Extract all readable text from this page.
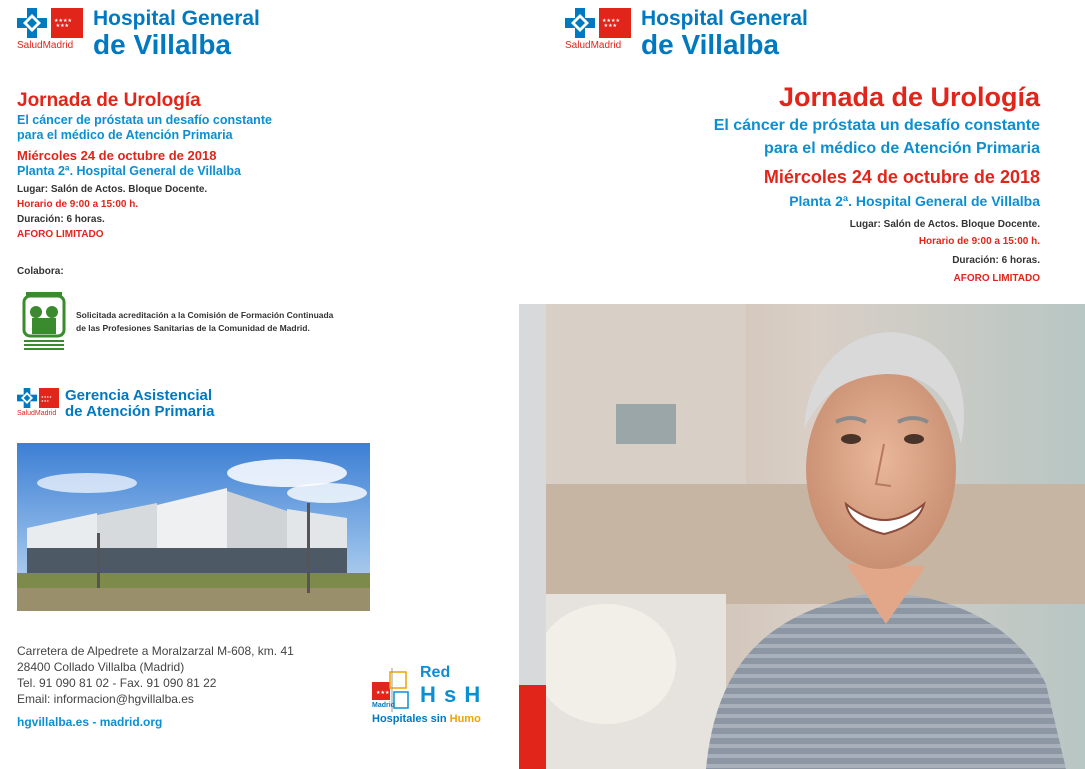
★★★★
★★★
SaludMadrid
Hospital General
de Villalba
Jornada de Urología
El cáncer de próstata un desafío constante
para el médico de Atención Primaria
Miércoles 24 de octubre de 2018
Planta 2ª. Hospital General de Villalba
Lugar: Salón de Actos. Bloque Docente.
Horario de 9:00 a 15:00 h.
Duración: 6 horas.
AFORO LIMITADO
Colabora:
Solicitada acreditación a la Comisión de Formación Continuada
de las Profesiones Sanitarias de la Comunidad de Madrid.
★★★★
★★★
SaludMadrid
Gerencia Asistencial
de Atención Primaria
Carretera de Alpedrete a Moralzarzal M-608, km. 41
28400 Collado Villalba (Madrid)
Tel. 91 090 81 02 - Fax. 91 090 81 22
Email: informacion@hgvillalba.es
hgvillalba.es - madrid.org
★★★
Red
H s H
Madrid
Hospitales sin Humo
★★★★
★★★
SaludMadrid
Hospital General
de Villalba
Jornada de Urología
El cáncer de próstata un desafío constante
para el médico de Atención Primaria
Miércoles 24 de octubre de 2018
Planta 2ª. Hospital General de Villalba
Lugar: Salón de Actos. Bloque Docente.
Horario de 9:00 a 15:00 h.
Duración: 6 horas.
AFORO LIMITADO
